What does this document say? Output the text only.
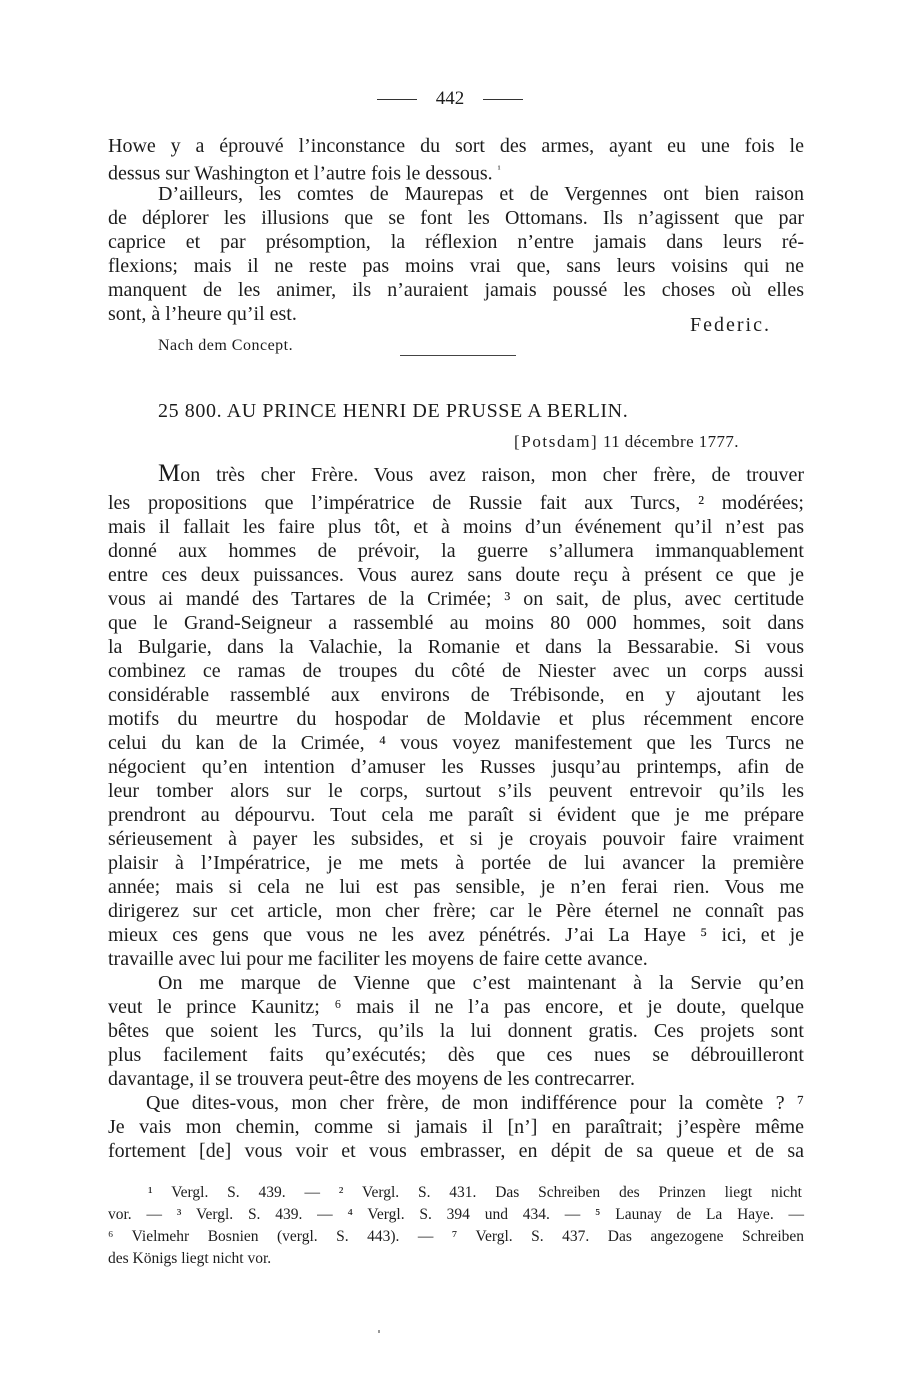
442
Howe y a éprouvé l’inconstance du sort des armes, ayant eu une fois le
dessus sur Washington et l’autre fois le dessous. $^{^1}$
D’ailleurs, les comtes de Maurepas et de Vergennes ont bien raison
de déplorer les illusions que se font les Ottomans. Ils n’agissent que par
caprice et par présomption, la réflexion n’entre jamais dans leurs ré-
flexions; mais il ne reste pas moins vrai que, sans leurs voisins qui ne
manquent de les animer, ils n’auraient jamais poussé les choses où elles
sont, à l’heure qu’il est.	Federic.
Nach dem Concept.
25 800. AU PRINCE HENRI DE PRUSSE A BERLIN.
[Potsdam] 11 décembre 1777.
Mon très cher Frère. Vous avez raison, mon cher frère, de trouver
les propositions que l’impératrice de Russie fait aux Turcs, ² modérées;
mais il fallait les faire plus tôt, et à moins d’un événement qu’il n’est pas
donné aux hommes de prévoir, la guerre s’allumera immanquablement
entre ces deux puissances. Vous aurez sans doute reçu à présent ce que je
vous ai mandé des Tartares de la Crimée; ³ on sait, de plus, avec certitude
que le Grand-Seigneur a rassemblé au moins 80 000 hommes, soit dans
la Bulgarie, dans la Valachie, la Romanie et dans la Bessarabie. Si vous
combinez ce ramas de troupes du côté de Niester avec un corps aussi
considérable rassemblé aux environs de Trébisonde, en y ajoutant les
motifs du meurtre du hospodar de Moldavie et plus récemment encore
celui du kan de la Crimée, ⁴ vous voyez manifestement que les Turcs ne
négocient qu’en intention d’amuser les Russes jusqu’au printemps, afin de
leur tomber alors sur le corps, surtout s’ils peuvent entrevoir qu’ils les
prendront au dépourvu. Tout cela me paraît si évident que je me prépare
sérieusement à payer les subsides, et si je croyais pouvoir faire vraiment
plaisir à l’Impératrice, je me mets à portée de lui avancer la première
année; mais si cela ne lui est pas sensible, je n’en ferai rien. Vous me
dirigerez sur cet article, mon cher frère; car le Père éternel ne connaît pas
mieux ces gens que vous ne les avez pénétrés. J’ai La Haye ⁵ ici, et je
travaille avec lui pour me faciliter les moyens de faire cette avance.
On me marque de Vienne que c’est maintenant à la Servie qu’en
veut le prince Kaunitz; ⁶ mais il ne l’a pas encore, et je doute, quelque
bêtes que soient les Turcs, qu’ils la lui donnent gratis. Ces projets sont
plus facilement faits qu’exécutés; dès que ces nues se débrouilleront
davantage, il se trouvera peut-être des moyens de les contrecarrer.
Que dites-vous, mon cher frère, de mon indifférence pour la comète ? ⁷
Je vais mon chemin, comme si jamais il [n’] en paraîtrait; j’espère même
fortement [de] vous voir et vous embrasser, en dépit de sa queue et de sa
¹ Vergl. S. 439. — ² Vergl. S. 431. Das Schreiben des Prinzen liegt nicht
vor. — ³ Vergl. S. 439. — ⁴ Vergl. S. 394 und 434. — ⁵ Launay de La Haye. —
⁶ Vielmehr Bosnien (vergl. S. 443). — ⁷ Vergl. S. 437. Das angezogene Schreiben
des Königs liegt nicht vor.
